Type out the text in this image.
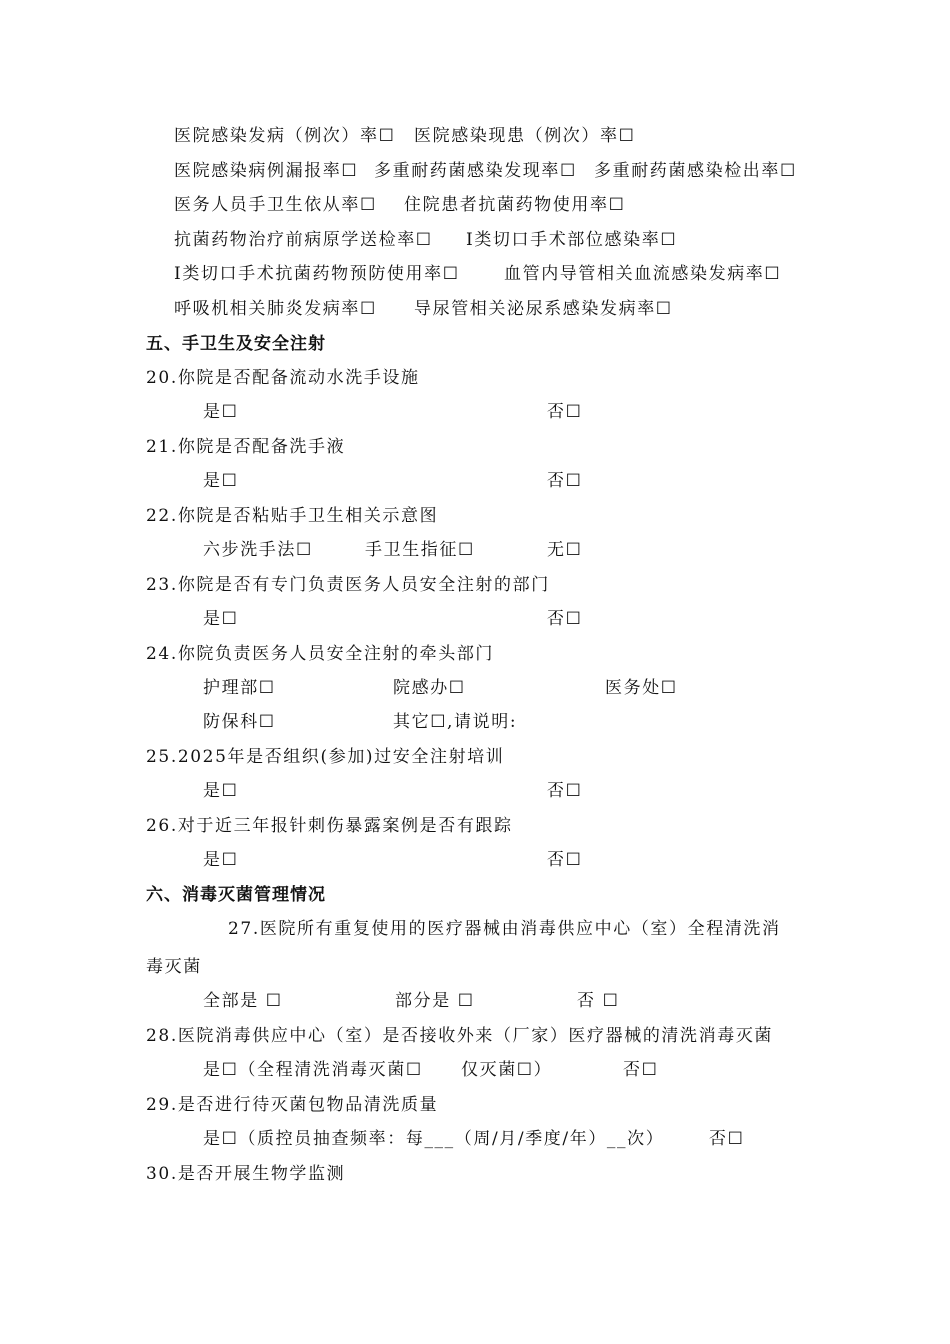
医院感染发病（例次）率☐ 医院感染现患（例次）率☐
医院感染病例漏报率☐ 多重耐药菌感染发现率☐ 多重耐药菌感染检出率☐
医务人员手卫生依从率☐ 住院患者抗菌药物使用率☐
抗菌药物治疗前病原学送检率☐ Ⅰ类切口手术部位感染率☐
Ⅰ类切口手术抗菌药物预防使用率☐	血管内导管相关血流感染发病率☐
呼吸机相关肺炎发病率☐ 导尿管相关泌尿系感染发病率☐
五、手卫生及安全注射
20.你院是否配备流动水洗手设施
是☐	否☐
21.你院是否配备洗手液
是☐	否☐
22.你院是否粘贴手卫生相关示意图
六步洗手法☐	手卫生指征☐	无☐
23.你院是否有专门负责医务人员安全注射的部门
是☐	否☐
24.你院负责医务人员安全注射的牵头部门
护理部☐	院感办☐	医务处☐
防保科☐	其它☐,请说明:
25.2025年是否组织(参加)过安全注射培训
是☐	否☐
26.对于近三年报针刺伤暴露案例是否有跟踪
是☐	否☐
六、消毒灭菌管理情况
27.医院所有重复使用的医疗器械由消毒供应中心（室）全程清洗消
毒灭菌
全部是 ☐	部分是 ☐	否 ☐
28.医院消毒供应中心（室）是否接收外来（厂家）医疗器械的清洗消毒灭菌
是☐（全程清洗消毒灭菌☐ 仅灭菌☐）	否☐
29.是否进行待灭菌包物品清洗质量
是☐（质控员抽查频率：每___（周/月/季度/年）__次）	否☐
30.是否开展生物学监测
